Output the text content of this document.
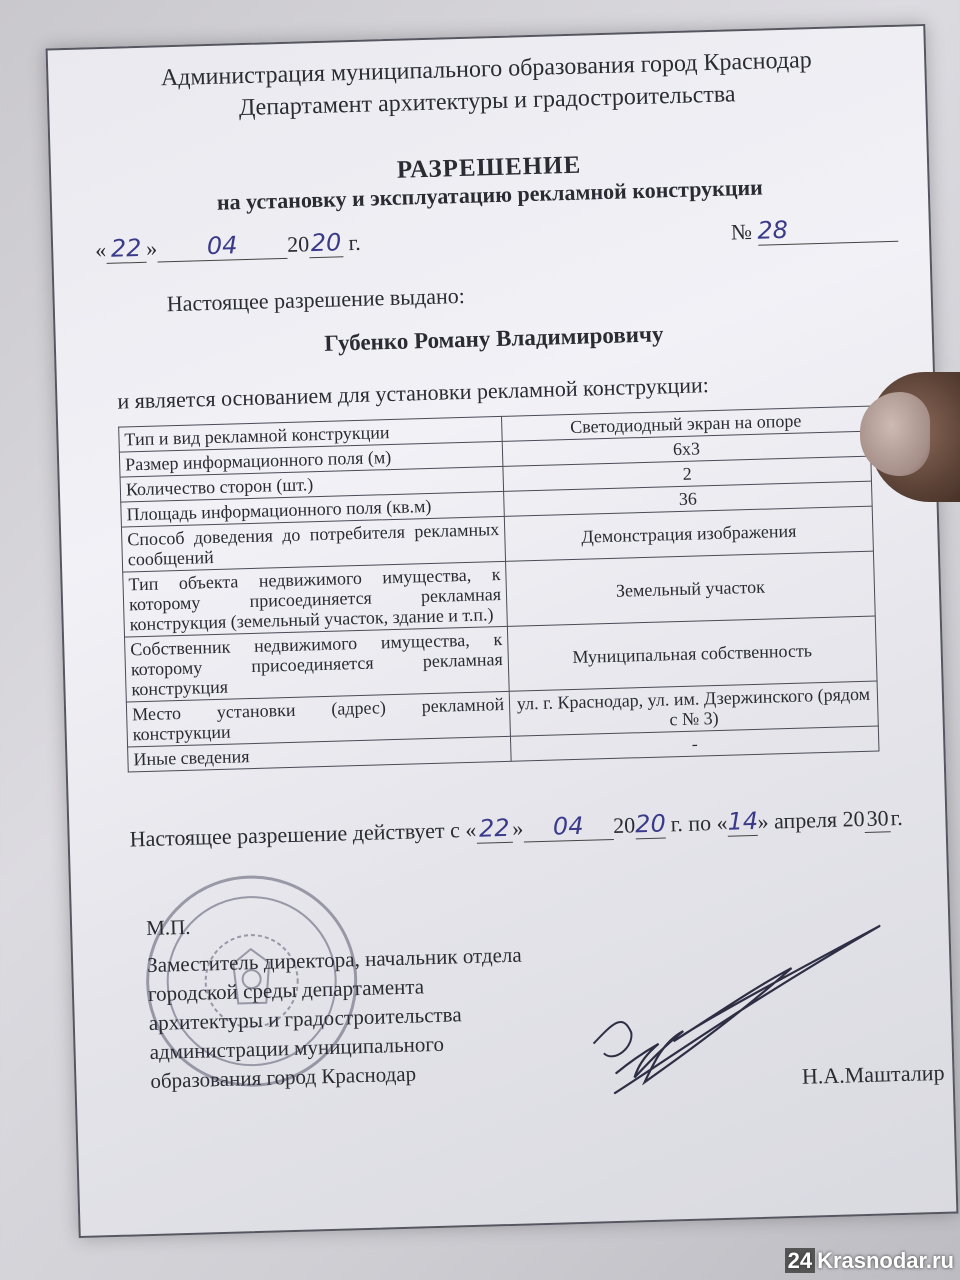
Администрация муниципального образования город Краснодар
Департамент архитектуры и градостроительства
РАЗРЕШЕНИЕ
на установку и эксплуатацию рекламной конструкции
« 22 » 04 2020 г.	№ 28
Настоящее разрешение выдано:
Губенко Роману Владимировичу
и является основанием для установки рекламной конструкции:
Тип и вид рекламной конструкции	Светодиодный экран на опоре
Размер информационного поля (м)	6х3
Количество сторон (шт.)	2
Площадь информационного поля (кв.м)	36
Способ доведения до потребителя рекламных сообщений	Демонстрация изображения
Тип объекта недвижимого имущества, к которому присоединяется рекламная конструкция (земельный участок, здание и т.п.)	Земельный участок
Собственник недвижимого имущества, к которому присоединяется рекламная конструкция	Муниципальная собственность
Место установки (адрес) рекламной конструкции	ул. г. Краснодар, ул. им. Дзержинского (рядом с № 3)
Иные сведения	-
Настоящее разрешение действует с «22» 04 2020 г. по «14» апреля 2030г.
М.П.
Заместитель директора, начальник отдела
городской среды департамента
архитектуры и градостроительства
администрации муниципального
образования город Краснодар	Н.А.Машталир
24 Krasnodar.ru
